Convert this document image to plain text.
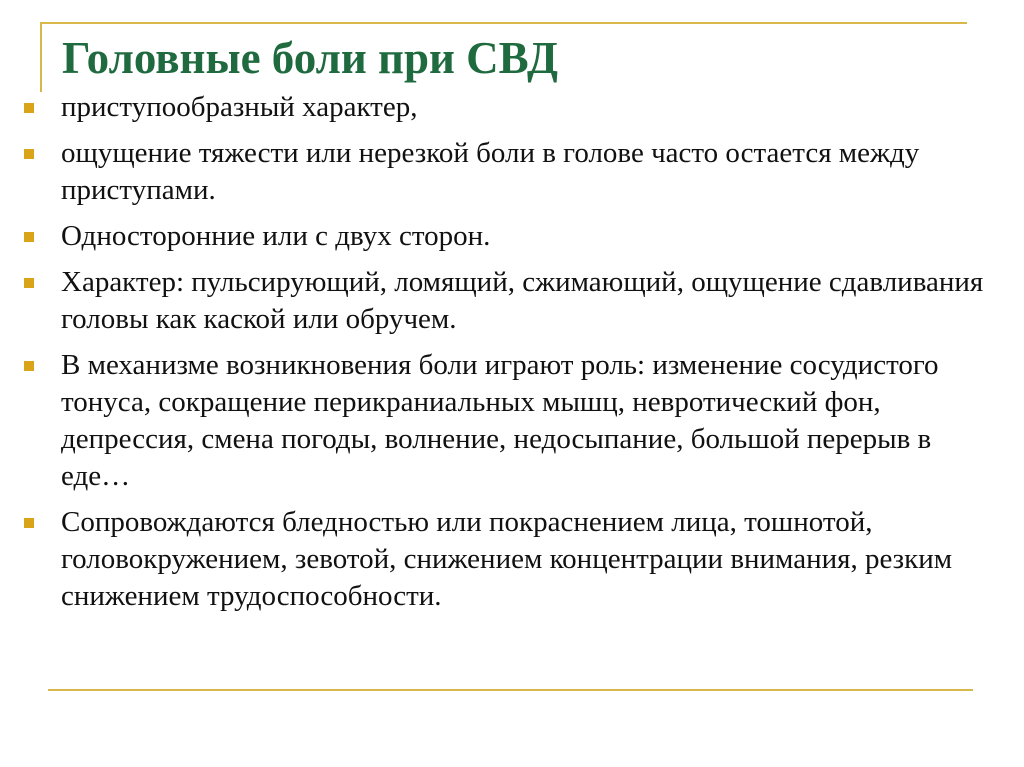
Головные боли при СВД
приступообразный характер,
ощущение тяжести или нерезкой боли в голове часто остается между приступами.
Односторонние или с двух сторон.
Характер: пульсирующий, ломящий, сжимающий, ощущение сдавливания головы как каской или обручем.
В механизме возникновения боли играют роль: изменение сосудистого тонуса, сокращение перикраниальных мышц, невротический фон, депрессия, смена погоды, волнение, недосыпание, большой перерыв в еде…
Сопровождаются бледностью или покраснением лица, тошнотой, головокружением, зевотой, снижением концентрации внимания, резким снижением трудоспособности.
